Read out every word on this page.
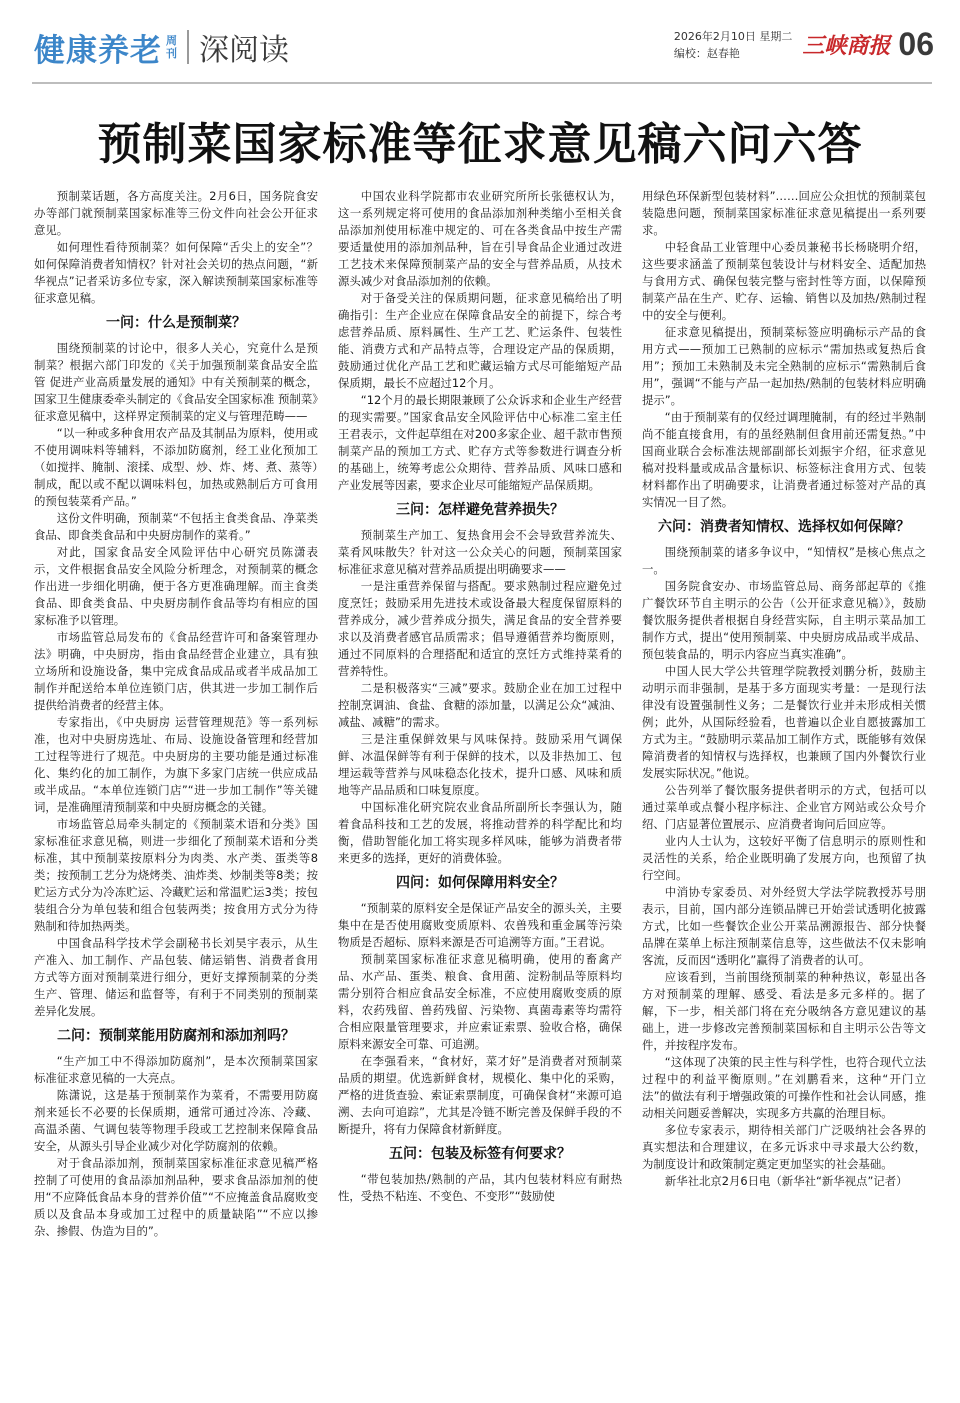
健康养老 周
刊 深阅读	2026年2月10日 星期二
编校：赵春艳	三峡商报 06
预制菜国家标准等征求意见稿六问六答

预制菜话题，各方高度关注。2月6日，国务院食安办等部门就预制菜国家标准等三份文件向社会公开征求意见。

如何理性看待预制菜？如何保障“舌尖上的安全”？如何保障消费者知情权？针对社会关切的热点问题，“新华视点”记者采访多位专家，深入解读预制菜国家标准等征求意见稿。

一问：什么是预制菜？

围绕预制菜的讨论中，很多人关心，究竟什么是预制菜？根据六部门印发的《关于加强预制菜食品安全监管 促进产业高质量发展的通知》中有关预制菜的概念，国家卫生健康委牵头制定的《食品安全国家标准 预制菜》征求意见稿中，这样界定预制菜的定义与管理范畴——

“以一种或多种食用农产品及其制品为原料，使用或不使用调味料等辅料，不添加防腐剂，经工业化预加工（如搅拌、腌制、滚揉、成型、炒、炸、烤、煮、蒸等）制成，配以或不配以调味料包，加热或熟制后方可食用的预包装菜肴产品。”

这份文件明确，预制菜“不包括主食类食品、净菜类食品、即食类食品和中央厨房制作的菜肴。”

对此，国家食品安全风险评估中心研究员陈潇表示，文件根据食品安全风险分析理念，对预制菜的概念作出进一步细化明确，便于各方更准确理解。而主食类食品、即食类食品、中央厨房制作食品等均有相应的国家标准予以管理。

市场监管总局发布的《食品经营许可和备案管理办法》明确，中央厨房，指由食品经营企业建立，具有独立场所和设施设备，集中完成食品成品或者半成品加工制作并配送给本单位连锁门店，供其进一步加工制作后提供给消费者的经营主体。

专家指出，《中央厨房 运营管理规范》等一系列标准，也对中央厨房选址、布局、设施设备管理和经营加工过程等进行了规范。中央厨房的主要功能是通过标准化、集约化的加工制作，为旗下多家门店统一供应成品或半成品。“本单位连锁门店”“进一步加工制作”等关键词，是准确厘清预制菜和中央厨房概念的关键。

市场监管总局牵头制定的《预制菜术语和分类》国家标准征求意见稿，则进一步细化了预制菜术语和分类标准，其中预制菜按原料分为肉类、水产类、蛋类等8类；按预制工艺分为烧烤类、油炸类、炒制类等8类；按贮运方式分为冷冻贮运、冷藏贮运和常温贮运3类；按包装组合分为单包装和组合包装两类；按食用方式分为待熟制和待加热两类。

中国食品科学技术学会副秘书长刘昊宇表示，从生产准入、加工制作、产品包装、储运销售、消费者食用方式等方面对预制菜进行细分，更好支撑预制菜的分类生产、管理、储运和监督等，有利于不同类别的预制菜差异化发展。

二问：预制菜能用防腐剂和添加剂吗？

“生产加工中不得添加防腐剂”，是本次预制菜国家标准征求意见稿的一大亮点。

陈潇说，这是基于预制菜作为菜肴，不需要用防腐剂来延长不必要的长保质期，通常可通过冷冻、冷藏、高温杀菌、气调包装等物理手段或工艺控制来保障食品安全，从源头引导企业减少对化学防腐剂的依赖。

对于食品添加剂，预制菜国家标准征求意见稿严格控制了可使用的食品添加剂品种，要求食品添加剂的使用“不应降低食品本身的营养价值”“不应掩盖食品腐败变质以及食品本身或加工过程中的质量缺陷”“不应以掺杂、掺假、伪造为目的”。

中国农业科学院都市农业研究所所长张德权认为，这一系列规定将可使用的食品添加剂种类缩小至相关食品添加剂使用标准中规定的、可在各类食品中按生产需要适量使用的添加剂品种，旨在引导食品企业通过改进工艺技术来保障预制菜产品的安全与营养品质，从技术源头减少对食品添加剂的依赖。

对于备受关注的保质期问题，征求意见稿给出了明确指引：生产企业应在保障食品安全的前提下，综合考虑营养品质、原料属性、生产工艺、贮运条件、包装性能、消费方式和产品特点等，合理设定产品的保质期，鼓励通过优化产品工艺和贮藏运输方式尽可能缩短产品保质期，最长不应超过12个月。

“12个月的最长期限兼顾了公众诉求和企业生产经营的现实需要。”国家食品安全风险评估中心标准二室主任王君表示，文件起草组在对200多家企业、超千款市售预制菜产品的预加工方式、贮存方式等参数进行调查分析的基础上，统筹考虑公众期待、营养品质、风味口感和产业发展等因素，要求企业尽可能缩短产品保质期。

三问：怎样避免营养损失？

预制菜生产加工、复热食用会不会导致营养流失、菜肴风味散失？针对这一公众关心的问题，预制菜国家标准征求意见稿对营养品质提出明确要求——

一是注重营养保留与搭配。要求熟制过程应避免过度烹饪；鼓励采用先进技术或设备最大程度保留原料的营养成分，减少营养成分损失，满足食品的安全营养要求以及消费者感官品质需求；倡导遵循营养均衡原则，通过不同原料的合理搭配和适宜的烹饪方式维持菜肴的营养特性。

二是积极落实“三减”要求。鼓励企业在加工过程中控制烹调油、食盐、食糖的添加量，以满足公众“减油、减盐、减糖”的需求。

三是注重保鲜效果与风味保持。鼓励采用气调保鲜、冰温保鲜等有利于保鲜的技术，以及非热加工、包埋运载等营养与风味稳态化技术，提升口感、风味和质地等产品品质和口味复原度。

中国标准化研究院农业食品所副所长李强认为，随着食品科技和工艺的发展，将推动营养的科学配比和均衡，借助智能化加工将实现多样风味，能够为消费者带来更多的选择，更好的消费体验。

四问：如何保障用料安全？

“预制菜的原料安全是保证产品安全的源头关，主要集中在是否使用腐败变质原料、农兽残和重金属等污染物质是否超标、原料来源是否可追溯等方面。”王君说。

预制菜国家标准征求意见稿明确，使用的畜禽产品、水产品、蛋类、粮食、食用菌、淀粉制品等原料均需分别符合相应食品安全标准，不应使用腐败变质的原料，农药残留、兽药残留、污染物、真菌毒素等均需符合相应限量管理要求，并应索证索票、验收合格，确保原料来源安全可靠、可追溯。

在李强看来，“食材好，菜才好”是消费者对预制菜品质的期望。优选新鲜食材，规模化、集中化的采购，严格的进货查验、索证索票制度，可确保食材“来源可追溯、去向可追踪”，尤其是冷链不断完善及保鲜手段的不断提升，将有力保障食材新鲜度。

五问：包装及标签有何要求？

“带包装加热/熟制的产品，其内包装材料应有耐热性，受热不粘连、不变色、不变形”“鼓励使

用绿色环保新型包装材料”……回应公众担忧的预制菜包装隐患问题，预制菜国家标准征求意见稿提出一系列要求。

中轻食品工业管理中心委员兼秘书长杨晓明介绍，这些要求涵盖了预制菜包装设计与材料安全、适配加热与食用方式、确保包装完整与密封性等方面，以保障预制菜产品在生产、贮存、运输、销售以及加热/熟制过程中的安全与便利。

征求意见稿提出，预制菜标签应明确标示产品的食用方式——预加工已熟制的应标示“需加热或复热后食用”；预加工未熟制及未完全熟制的应标示“需熟制后食用”，强调“不能与产品一起加热/熟制的包装材料应明确提示”。

“由于预制菜有的仅经过调理腌制，有的经过半熟制尚不能直接食用，有的虽经熟制但食用前还需复热。”中国商业联合会标准法规部副部长刘振宇介绍，征求意见稿对投料量或成品含量标识、标签标注食用方式、包装材料都作出了明确要求，让消费者通过标签对产品的真实情况一目了然。

六问：消费者知情权、选择权如何保障？

围绕预制菜的诸多争议中，“知情权”是核心焦点之一。

国务院食安办、市场监管总局、商务部起草的《推广餐饮环节自主明示的公告（公开征求意见稿）》，鼓励餐饮服务提供者根据自身经营实际，自主明示菜品加工制作方式，提出“使用预制菜、中央厨房成品或半成品、预包装食品的，明示内容应当真实准确”。

中国人民大学公共管理学院教授刘鹏分析，鼓励主动明示而非强制，是基于多方面现实考量：一是现行法律没有设置强制性义务；二是餐饮行业并未形成相关惯例；此外，从国际经验看，也普遍以企业自愿披露加工方式为主。“鼓励明示菜品加工制作方式，既能够有效保障消费者的知情权与选择权，也兼顾了国内外餐饮行业发展实际状况。”他说。

公告列举了餐饮服务提供者明示的方式，包括可以通过菜单或点餐小程序标注、企业官方网站或公众号介绍、门店显著位置展示、应消费者询问后回应等。

业内人士认为，这较好平衡了信息明示的原则性和灵活性的关系，给企业既明确了发展方向，也预留了执行空间。

中消协专家委员、对外经贸大学法学院教授苏号朋表示，目前，国内部分连锁品牌已开始尝试透明化披露方式，比如一些餐饮企业公开菜品溯源报告、部分快餐品牌在菜单上标注预制菜信息等，这些做法不仅未影响客流，反而因“透明化”赢得了消费者的认可。

应该看到，当前围绕预制菜的种种热议，彰显出各方对预制菜的理解、感受、看法是多元多样的。据了解，下一步，相关部门将在充分吸纳各方意见建议的基础上，进一步修改完善预制菜国标和自主明示公告等文件，并按程序发布。

“这体现了决策的民主性与科学性，也符合现代立法过程中的利益平衡原则。”在刘鹏看来，这种“开门立法”的做法有利于增强政策的可操作性和社会认同感，推动相关问题妥善解决，实现多方共赢的治理目标。

多位专家表示，期待相关部门广泛吸纳社会各界的真实想法和合理建议，在多元诉求中寻求最大公约数，为制度设计和政策制定奠定更加坚实的社会基础。

新华社北京2月6日电（新华社“新华视点”记者）
